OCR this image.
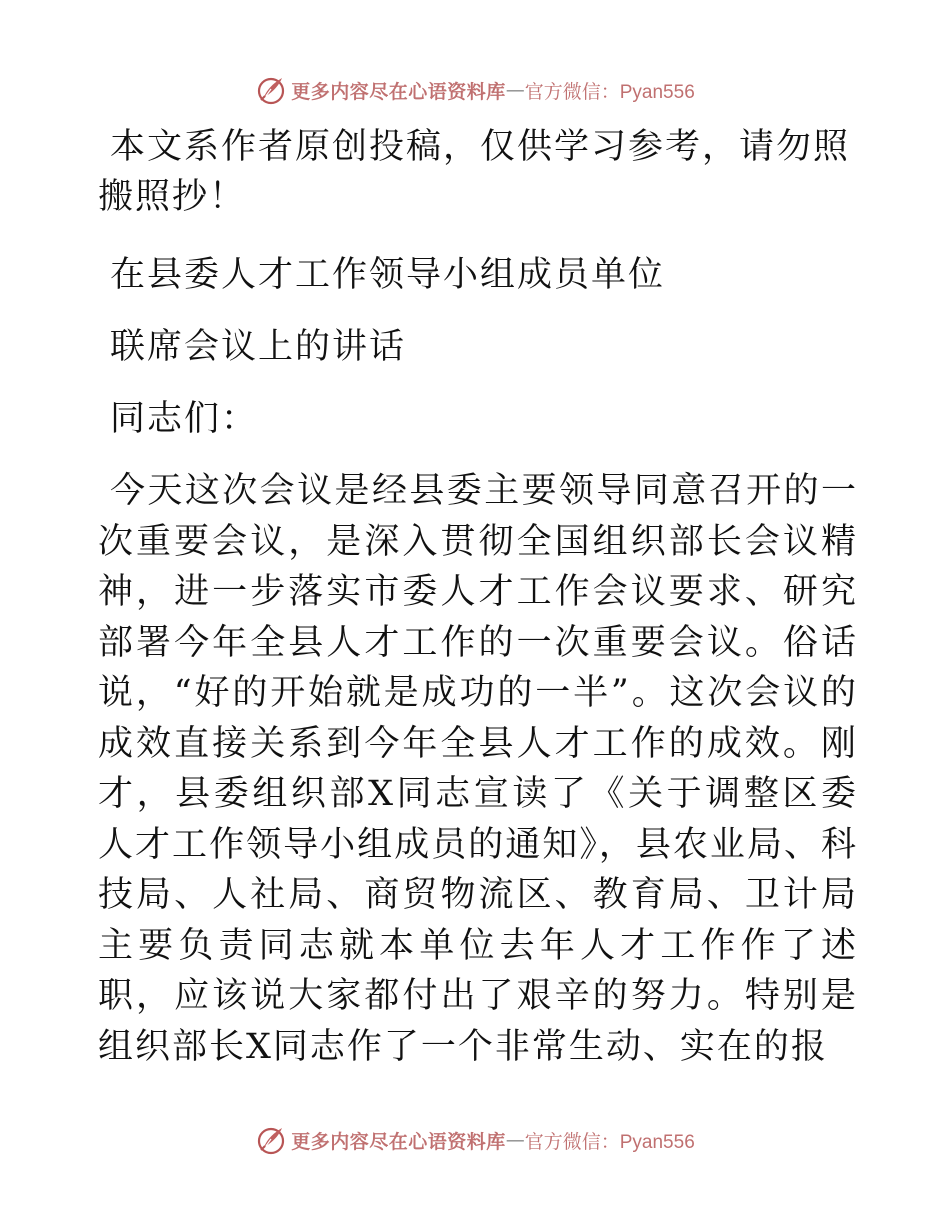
更多内容尽在心语资料库 — 官方微信：Pyan556

本文系作者原创投稿，仅供学习参考，请勿照搬照抄！

在县委人才工作领导小组成员单位

联席会议上的讲话

同志们：

今天这次会议是经县委主要领导同意召开的一次重要会议，是深入贯彻全国组织部长会议精神，进一步落实市委人才工作会议要求、研究部署今年全县人才工作的一次重要会议。俗话说，“好的开始就是成功的一半”。这次会议的成效直接关系到今年全县人才工作的成效。刚才，县委组织部X同志宣读了《关于调整区委人才工作领导小组成员的通知》，县农业局、科技局、人社局、商贸物流区、教育局、卫计局主要负责同志就本单位去年人才工作作了述职，应该说大家都付出了艰辛的努力。特别是组织部长X同志作了一个非常生动、实在的报

更多内容尽在心语资料库 — 官方微信：Pyan556
